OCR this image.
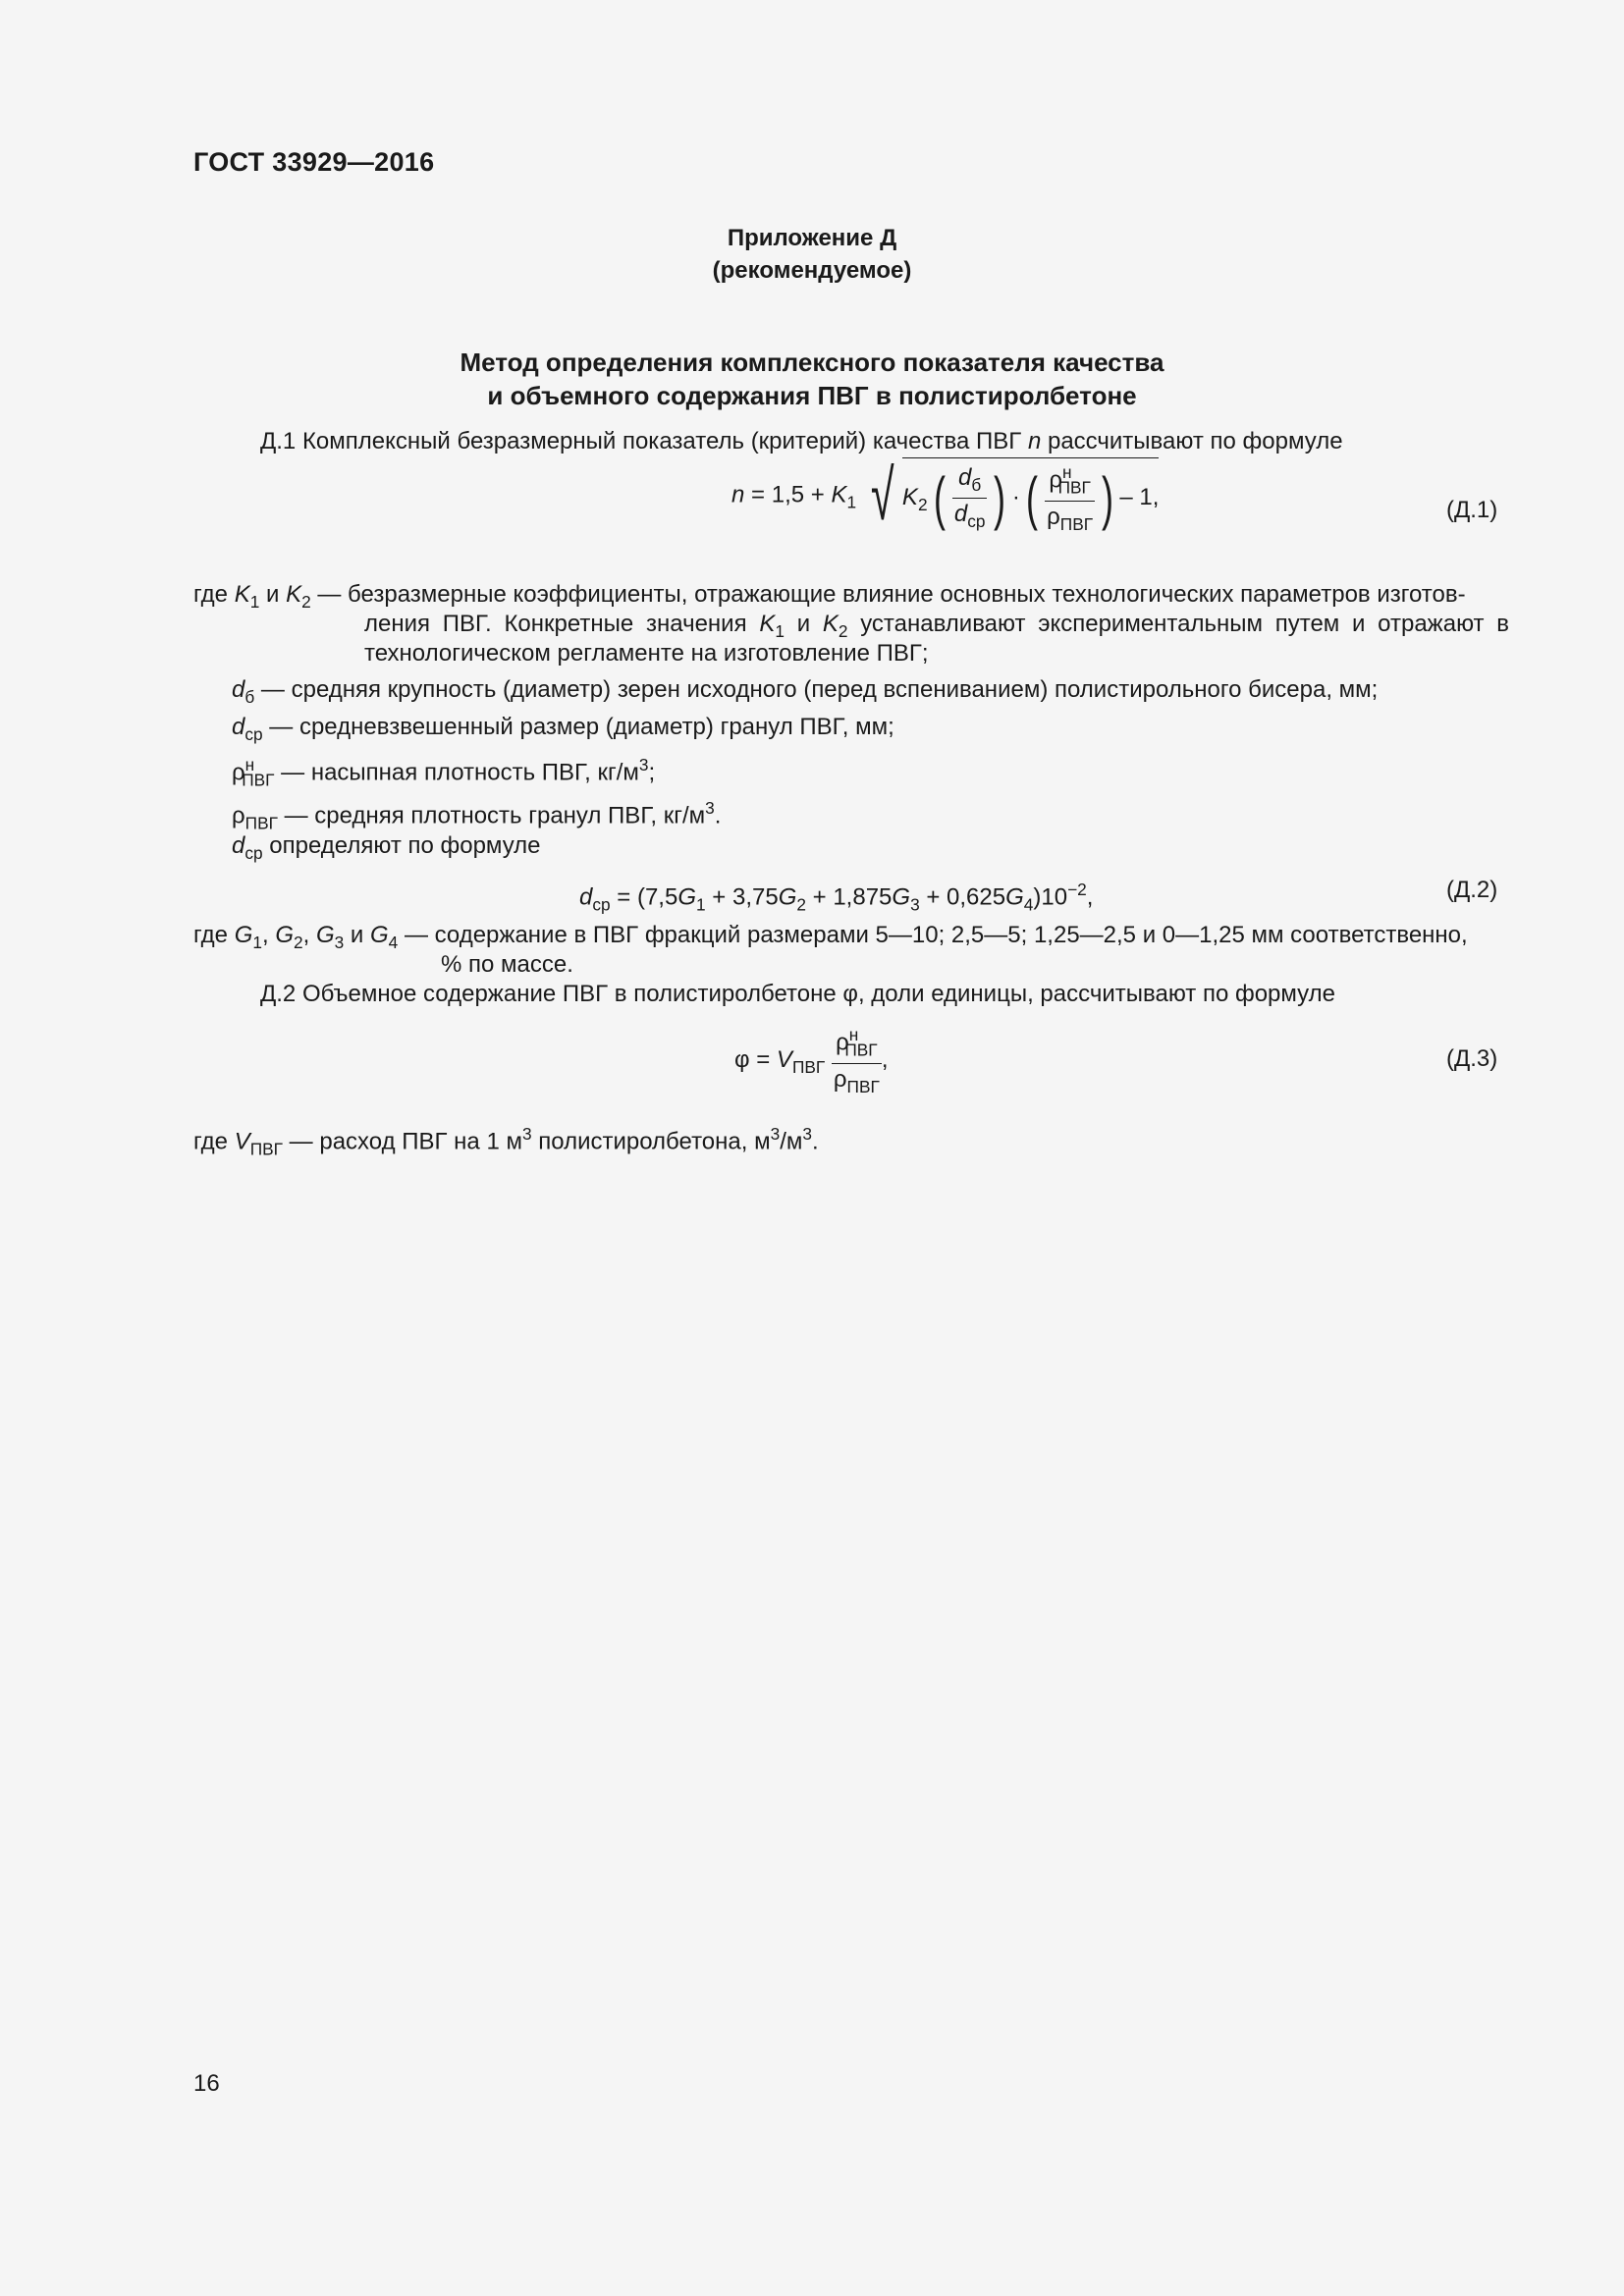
ГОСТ 33929—2016
Приложение Д
(рекомендуемое)
Метод определения комплексного показателя качества
и объемного содержания ПВГ в полистиролбетоне
Д.1 Комплексный безразмерный показатель (критерий) качества ПВГ n рассчитывают по формуле
$n = 1,5 + K_1$ √ $K_2$ ( $\frac{d_б}{d_{ср}}$ ) · ( $\frac{\rho^н_{ПВГ}}{\rho_{ПВГ}}$ ) – 1,	(Д.1)
где $K_1$ и $K_2$ — безразмерные коэффициенты, отражающие влияние основных технологических параметров изготов-
ления ПВГ. Конкретные значения $K_1$ и $K_2$ устанавливают экспериментальным путем и отражают в
технологическом регламенте на изготовление ПВГ;
$d_б$ — средняя крупность (диаметр) зерен исходного (перед вспениванием) полистирольного бисера, мм;
$d_{ср}$ — средневзвешенный размер (диаметр) гранул ПВГ, мм;
$\rho^н_{ПВГ}$ — насыпная плотность ПВГ, $кг/м^3$;
$\rho_{ПВГ}$ — средняя плотность гранул ПВГ, $кг/м^3$.
$d_{ср}$ определяют по формуле
$d_{ср} = (7,5G_1 + 3,75G_2 + 1,875G_3 + 0,625G_4)10^{-2}$,	(Д.2)
где $G_1$, $G_2$, $G_3$ и $G_4$ — содержание в ПВГ фракций размерами 5—10; 2,5—5; 1,25—2,5 и 0—1,25 мм соответственно,
% по массе.
Д.2 Объемное содержание ПВГ в полистиролбетоне φ, доли единицы, рассчитывают по формуле
$\varphi = V_{ПВГ} \frac{\rho^н_{ПВГ}}{\rho_{ПВГ}}$ ,	(Д.3)
где $V_{ПВГ}$ — расход ПВГ на 1 $м^3$ полистиролбетона, $м^3/м^3$.
16
